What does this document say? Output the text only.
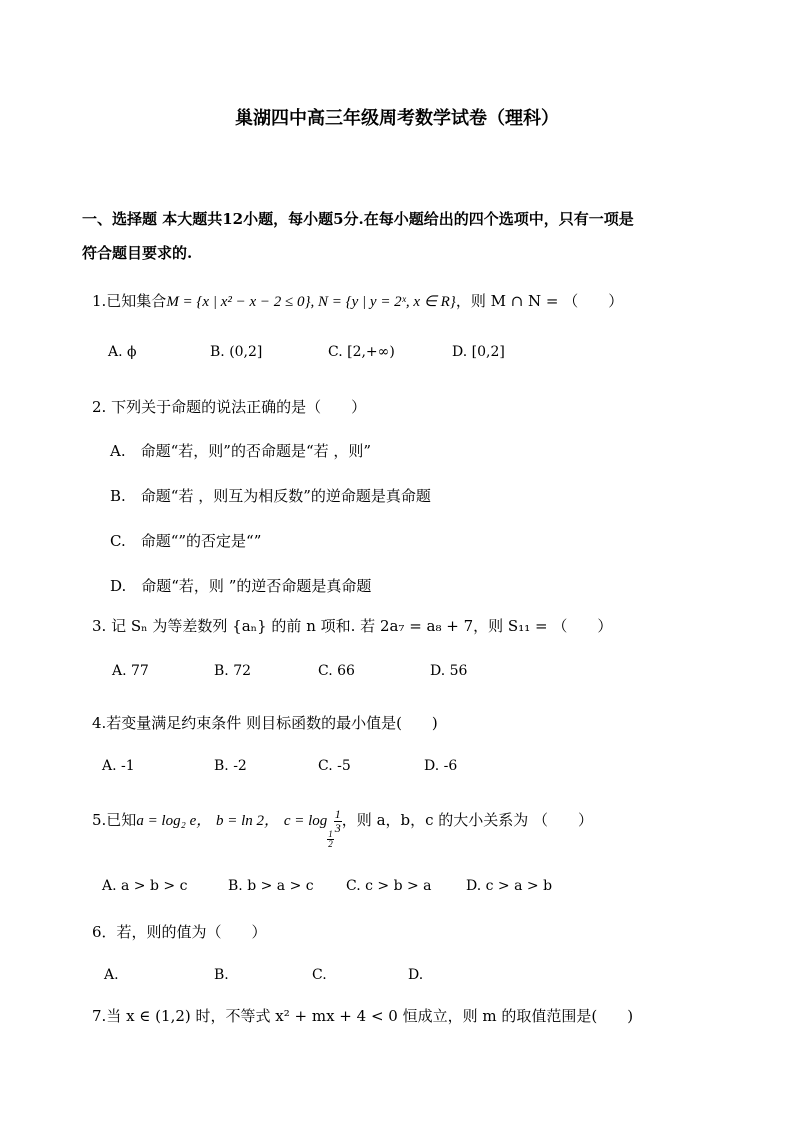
巢湖四中高三年级周考数学试卷（理科）
一、选择题 本大题共12小题，每小题5分.在每小题给出的四个选项中，只有一项是
符合题目要求的.
1.已知集合M = {x | x² − x − 2 ≤ 0}, N = {y | y = 2ˣ, x ∈ R}，则 M ∩ N = （　　）
A. ϕ	B. (0,2]	C. [2,+∞)	D. [0,2]
2. 下列关于命题的说法正确的是（　　）
A.　命题“若，则”的否命题是“若 ，则”
B.　命题“若 ，则互为相反数”的逆命题是真命题
C.　命题“”的否定是“”
D.　命题“若，则 ”的逆否命题是真命题
3. 记 Sₙ 为等差数列 {aₙ} 的前 n 项和. 若 2a₇ = a₈ + 7，则 S₁₁ = （　　）
A. 77	B. 72	C. 66	D. 56
4.若变量满足约束条件 则目标函数的最小值是(　　)
A. -1	B. -2	C. -5	D. -6
5.已知a = log₂ e， b = ln 2， c = log
$\frac{1}{2}$
$\frac{1}{3}$ ，则 a，b，c 的大小关系为 （　　）
A. a > b > c	B. b > a > c C. c > b > a D. c > a > b
6．若，则的值为（　　）
A.	B.	C.	D.
7.当 x ∈ (1,2) 时，不等式 x² + mx + 4 < 0 恒成立，则 m 的取值范围是(　　)
